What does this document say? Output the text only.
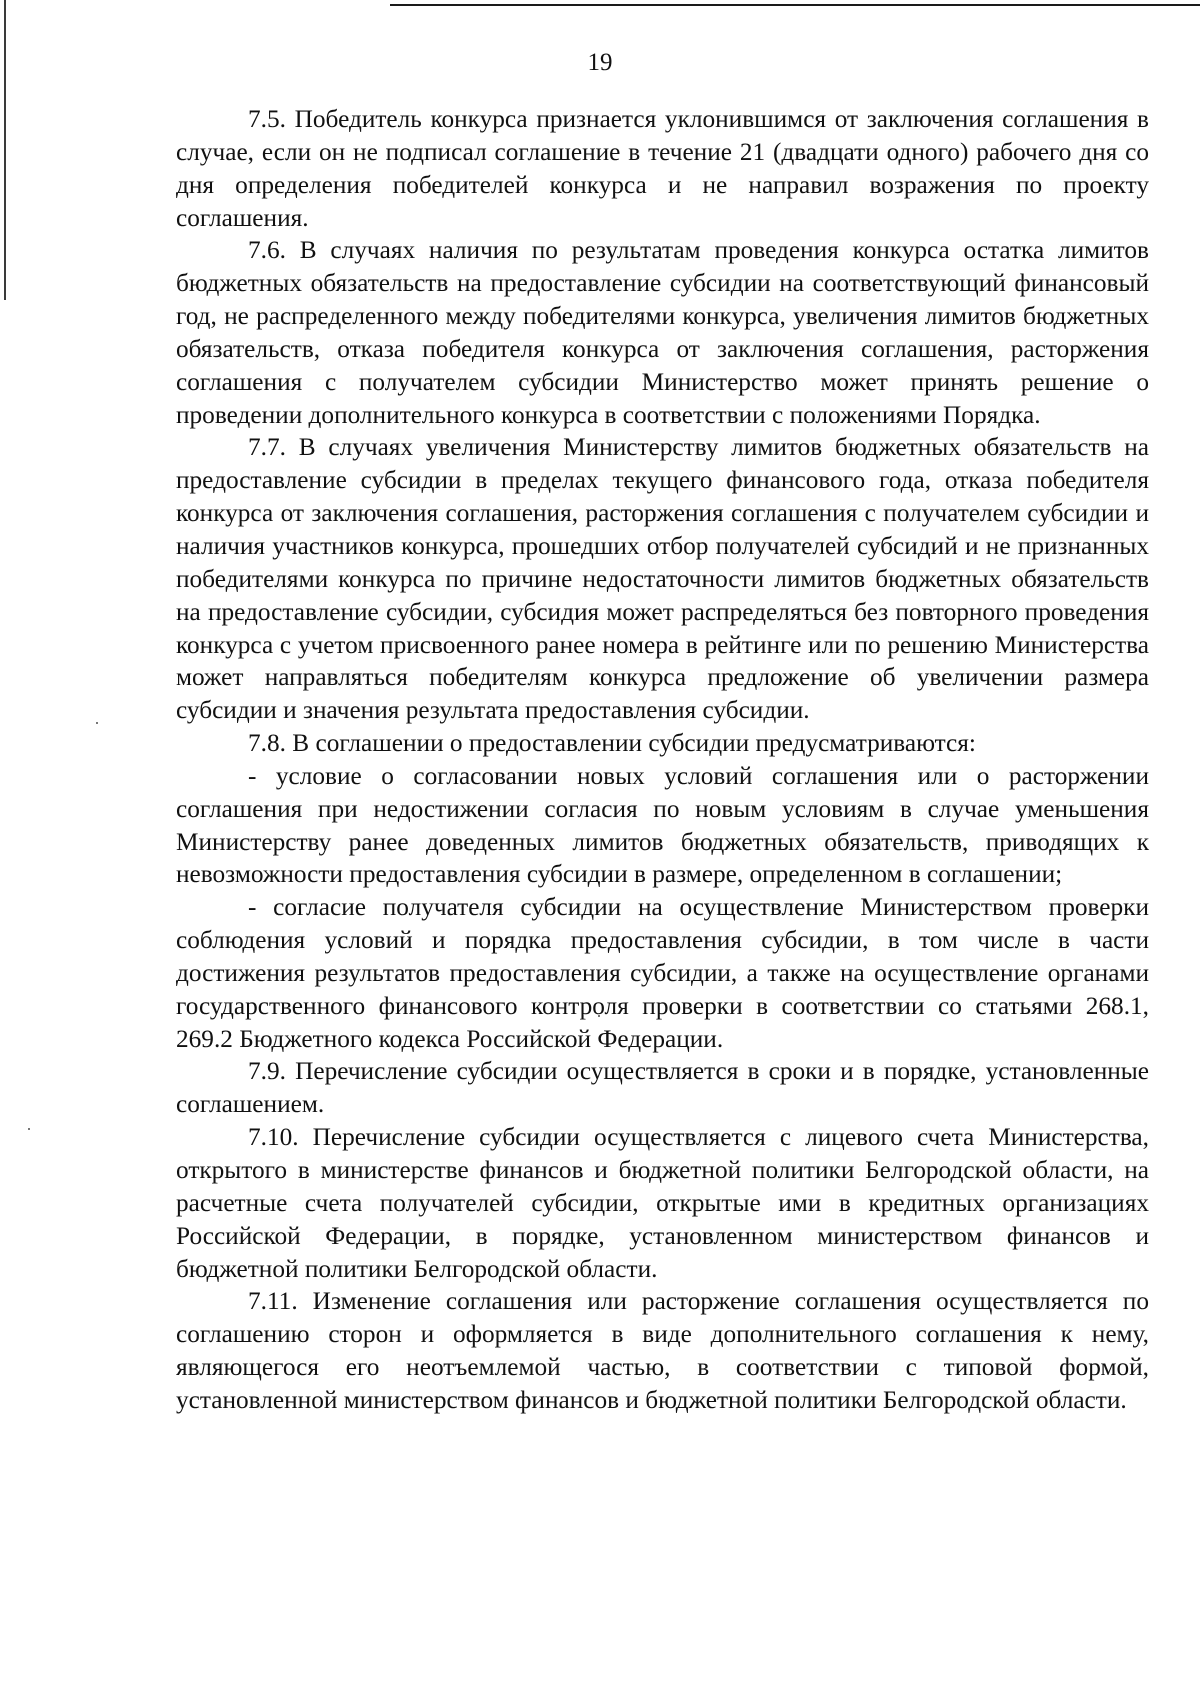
19

7.5. Победитель конкурса признается уклонившимся от заключения соглашения в случае, если он не подписал соглашение в течение 21 (двадцати одного) рабочего дня со дня определения победителей конкурса и не направил возражения по проекту соглашения.

7.6. В случаях наличия по результатам проведения конкурса остатка лимитов бюджетных обязательств на предоставление субсидии на соответствующий финансовый год, не распределенного между победителями конкурса, увеличения лимитов бюджетных обязательств, отказа победителя конкурса от заключения соглашения, расторжения соглашения с получателем субсидии Министерство может принять решение о проведении дополнительного конкурса в соответствии с положениями Порядка.

7.7. В случаях увеличения Министерству лимитов бюджетных обязательств на предоставление субсидии в пределах текущего финансового года, отказа победителя конкурса от заключения соглашения, расторжения соглашения с получателем субсидии и наличия участников конкурса, прошедших отбор получателей субсидий и не признанных победителями конкурса по причине недостаточности лимитов бюджетных обязательств на предоставление субсидии, субсидия может распределяться без повторного проведения конкурса с учетом присвоенного ранее номера в рейтинге или по решению Министерства может направляться победителям конкурса предложение об увеличении размера субсидии и значения результата предоставления субсидии.

7.8. В соглашении о предоставлении субсидии предусматриваются:

- условие о согласовании новых условий соглашения или о расторжении соглашения при недостижении согласия по новым условиям в случае уменьшения Министерству ранее доведенных лимитов бюджетных обязательств, приводящих к невозможности предоставления субсидии в размере, определенном в соглашении;

- согласие получателя субсидии на осуществление Министерством проверки соблюдения условий и порядка предоставления субсидии, в том числе в части достижения результатов предоставления субсидии, а также на осуществление органами государственного финансового контроля проверки в соответствии со статьями 268.1, 269.2 Бюджетного кодекса Российской Федерации.

7.9. Перечисление субсидии осуществляется в сроки и в порядке, установленные соглашением.

7.10. Перечисление субсидии осуществляется с лицевого счета Министерства, открытого в министерстве финансов и бюджетной политики Белгородской области, на расчетные счета получателей субсидии, открытые ими в кредитных организациях Российской Федерации, в порядке, установленном министерством финансов и бюджетной политики Белгородской области.

7.11. Изменение соглашения или расторжение соглашения осуществляется по соглашению сторон и оформляется в виде дополнительного соглашения к нему, являющегося его неотъемлемой частью, в соответствии с типовой формой, установленной министерством финансов и бюджетной политики Белгородской области.
